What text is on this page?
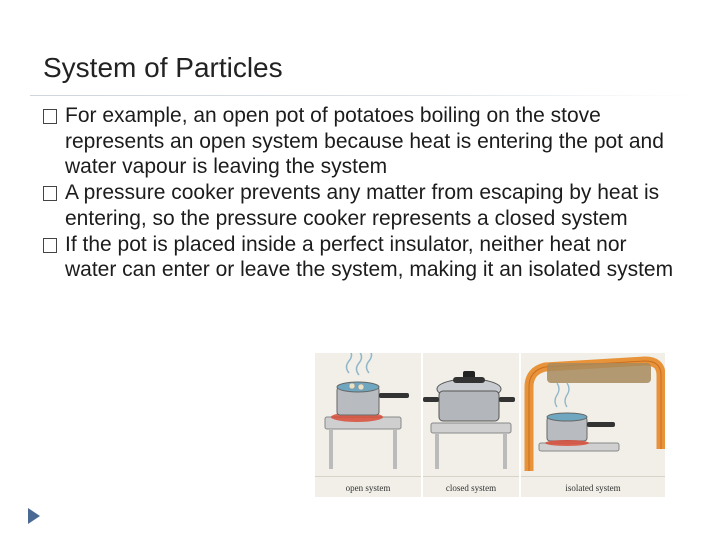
System of Particles
For example, an open pot of potatoes boiling on the stove represents an open system because heat is entering the pot and water vapour is leaving the system
A pressure cooker prevents any matter from escaping by heat is entering, so the pressure cooker represents a closed system
If the pot is placed inside a perfect insulator, neither heat nor water can enter or leave the system, making it an isolated system
open system	closed system	isolated system
